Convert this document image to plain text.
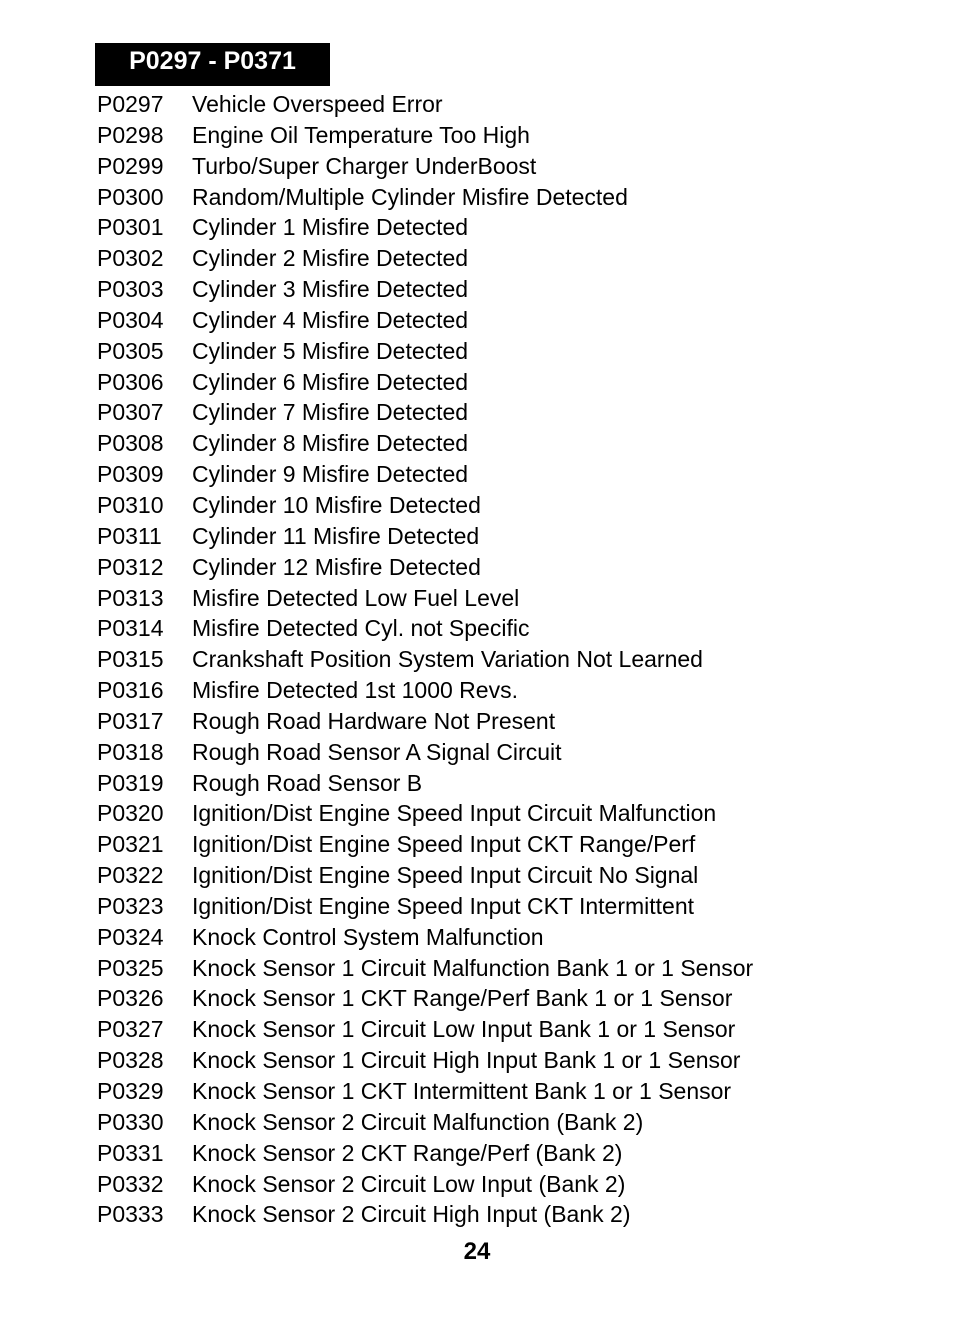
P0297 - P0371
P0297	Vehicle Overspeed Error
P0298	Engine Oil Temperature Too High
P0299	Turbo/Super Charger UnderBoost
P0300	Random/Multiple Cylinder Misfire Detected
P0301	Cylinder 1 Misfire Detected
P0302	Cylinder 2 Misfire Detected
P0303	Cylinder 3 Misfire Detected
P0304	Cylinder 4 Misfire Detected
P0305	Cylinder 5 Misfire Detected
P0306	Cylinder 6 Misfire Detected
P0307	Cylinder 7 Misfire Detected
P0308	Cylinder 8 Misfire Detected
P0309	Cylinder 9 Misfire Detected
P0310	Cylinder 10 Misfire Detected
P0311	Cylinder 11 Misfire Detected
P0312	Cylinder 12 Misfire Detected
P0313	Misfire Detected Low Fuel Level
P0314	Misfire Detected Cyl. not Specific
P0315	Crankshaft Position System Variation Not Learned
P0316	Misfire Detected 1st 1000 Revs.
P0317	Rough Road Hardware Not Present
P0318	Rough Road Sensor A Signal Circuit
P0319	Rough Road Sensor B
P0320	Ignition/Dist Engine Speed Input Circuit Malfunction
P0321	Ignition/Dist Engine Speed Input CKT Range/Perf
P0322	Ignition/Dist Engine Speed Input Circuit No Signal
P0323	Ignition/Dist Engine Speed Input CKT Intermittent
P0324	Knock Control System Malfunction
P0325	Knock Sensor 1 Circuit Malfunction Bank 1 or 1 Sensor
P0326	Knock Sensor 1 CKT Range/Perf Bank 1 or 1 Sensor
P0327	Knock Sensor 1 Circuit Low Input Bank 1 or 1 Sensor
P0328	Knock Sensor 1 Circuit High Input Bank 1 or 1 Sensor
P0329	Knock Sensor 1 CKT Intermittent Bank 1 or 1 Sensor
P0330	Knock Sensor 2 Circuit Malfunction (Bank 2)
P0331	Knock Sensor 2 CKT Range/Perf (Bank 2)
P0332	Knock Sensor 2 Circuit Low Input (Bank 2)
P0333	Knock Sensor 2 Circuit High Input (Bank 2)
24
